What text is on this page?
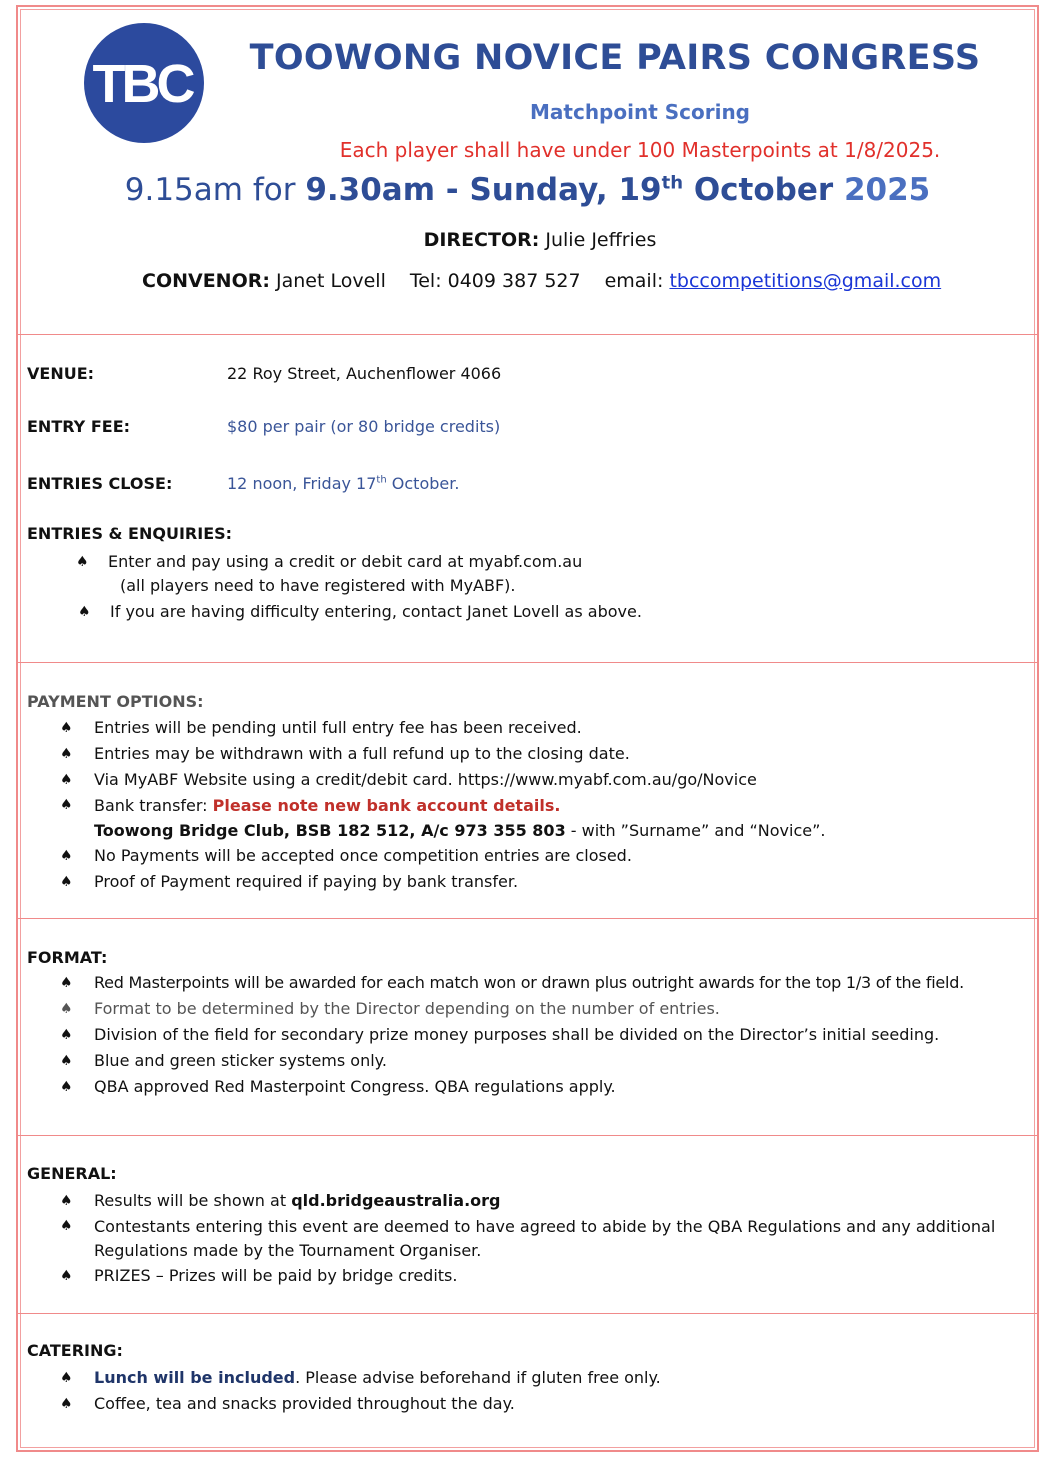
TBC	TOOWONG NOVICE PAIRS CONGRESS
Matchpoint Scoring
Each player shall have under 100 Masterpoints at 1/8/2025.
9.15am for 9.30am - Sunday, 19th October 2025
DIRECTOR: Julie Jeffries
CONVENOR: Janet Lovell Tel: 0409 387 527 email: tbccompetitions@gmail.com
VENUE:	22 Roy Street, Auchenflower 4066
ENTRY FEE:	$80 per pair (or 80 bridge credits)
ENTRIES CLOSE:	12 noon, Friday 17th October.
ENTRIES & ENQUIRIES:
♠ Enter and pay using a credit or debit card at myabf.com.au
(all players need to have registered with MyABF).
♠ If you are having difficulty entering, contact Janet Lovell as above.
PAYMENT OPTIONS:
♠ Entries will be pending until full entry fee has been received.
♠ Entries may be withdrawn with a full refund up to the closing date.
♠ Via MyABF Website using a credit/debit card. https://www.myabf.com.au/go/Novice
♠ Bank transfer: Please note new bank account details.
Toowong Bridge Club, BSB 182 512, A/c 973 355 803 - with ”Surname” and “Novice”.
♠ No Payments will be accepted once competition entries are closed.
♠ Proof of Payment required if paying by bank transfer.
FORMAT:
♠ Red Masterpoints will be awarded for each match won or drawn plus outright awards for the top 1/3 of the field.
♠ Format to be determined by the Director depending on the number of entries.
♠ Division of the field for secondary prize money purposes shall be divided on the Director’s initial seeding.
♠ Blue and green sticker systems only.
♠ QBA approved Red Masterpoint Congress. QBA regulations apply.
GENERAL:
♠ Results will be shown at qld.bridgeaustralia.org
♠ Contestants entering this event are deemed to have agreed to abide by the QBA Regulations and any additional
Regulations made by the Tournament Organiser.
♠ PRIZES – Prizes will be paid by bridge credits.
CATERING:
♠ Lunch will be included. Please advise beforehand if gluten free only.
♠ Coffee, tea and snacks provided throughout the day.
